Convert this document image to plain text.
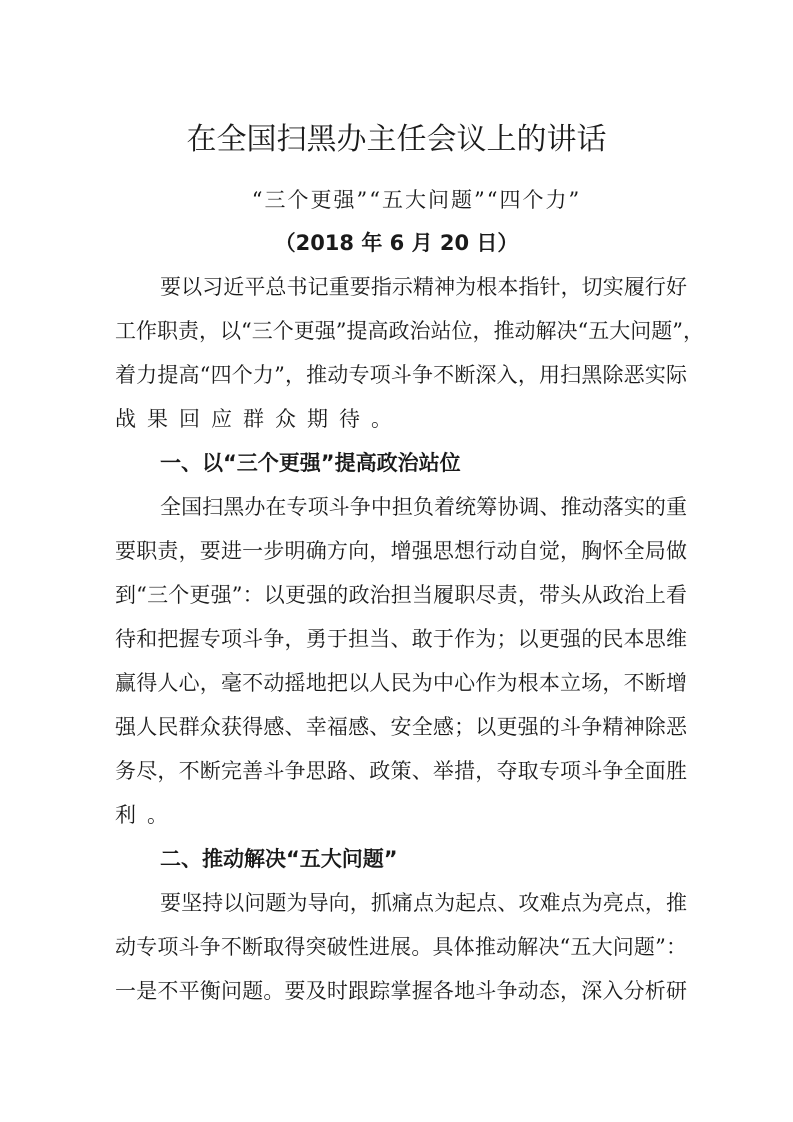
在全国扫黑办主任会议上的讲话
“三个更强”“五大问题”“四个力”
（2018 年 6 月 20 日）
要以习近平总书记重要指示精神为根本指针，切实履行好
工作职责，以“三个更强”提高政治站位，推动解决“五大问题”，
着力提高“四个力”，推动专项斗争不断深入，用扫黑除恶实际
战果回应群众期待。
一、以“三个更强”提高政治站位
全国扫黑办在专项斗争中担负着统筹协调、推动落实的重
要职责，要进一步明确方向，增强思想行动自觉，胸怀全局做
到“三个更强”：以更强的政治担当履职尽责，带头从政治上看
待和把握专项斗争，勇于担当、敢于作为；以更强的民本思维
赢得人心，毫不动摇地把以人民为中心作为根本立场，不断增
强人民群众获得感、幸福感、安全感；以更强的斗争精神除恶
务尽，不断完善斗争思路、政策、举措，夺取专项斗争全面胜
利。
二、推动解决“五大问题”
要坚持以问题为导向，抓痛点为起点、攻难点为亮点，推
动专项斗争不断取得突破性进展。具体推动解决“五大问题”：
一是不平衡问题。要及时跟踪掌握各地斗争动态，深入分析研
